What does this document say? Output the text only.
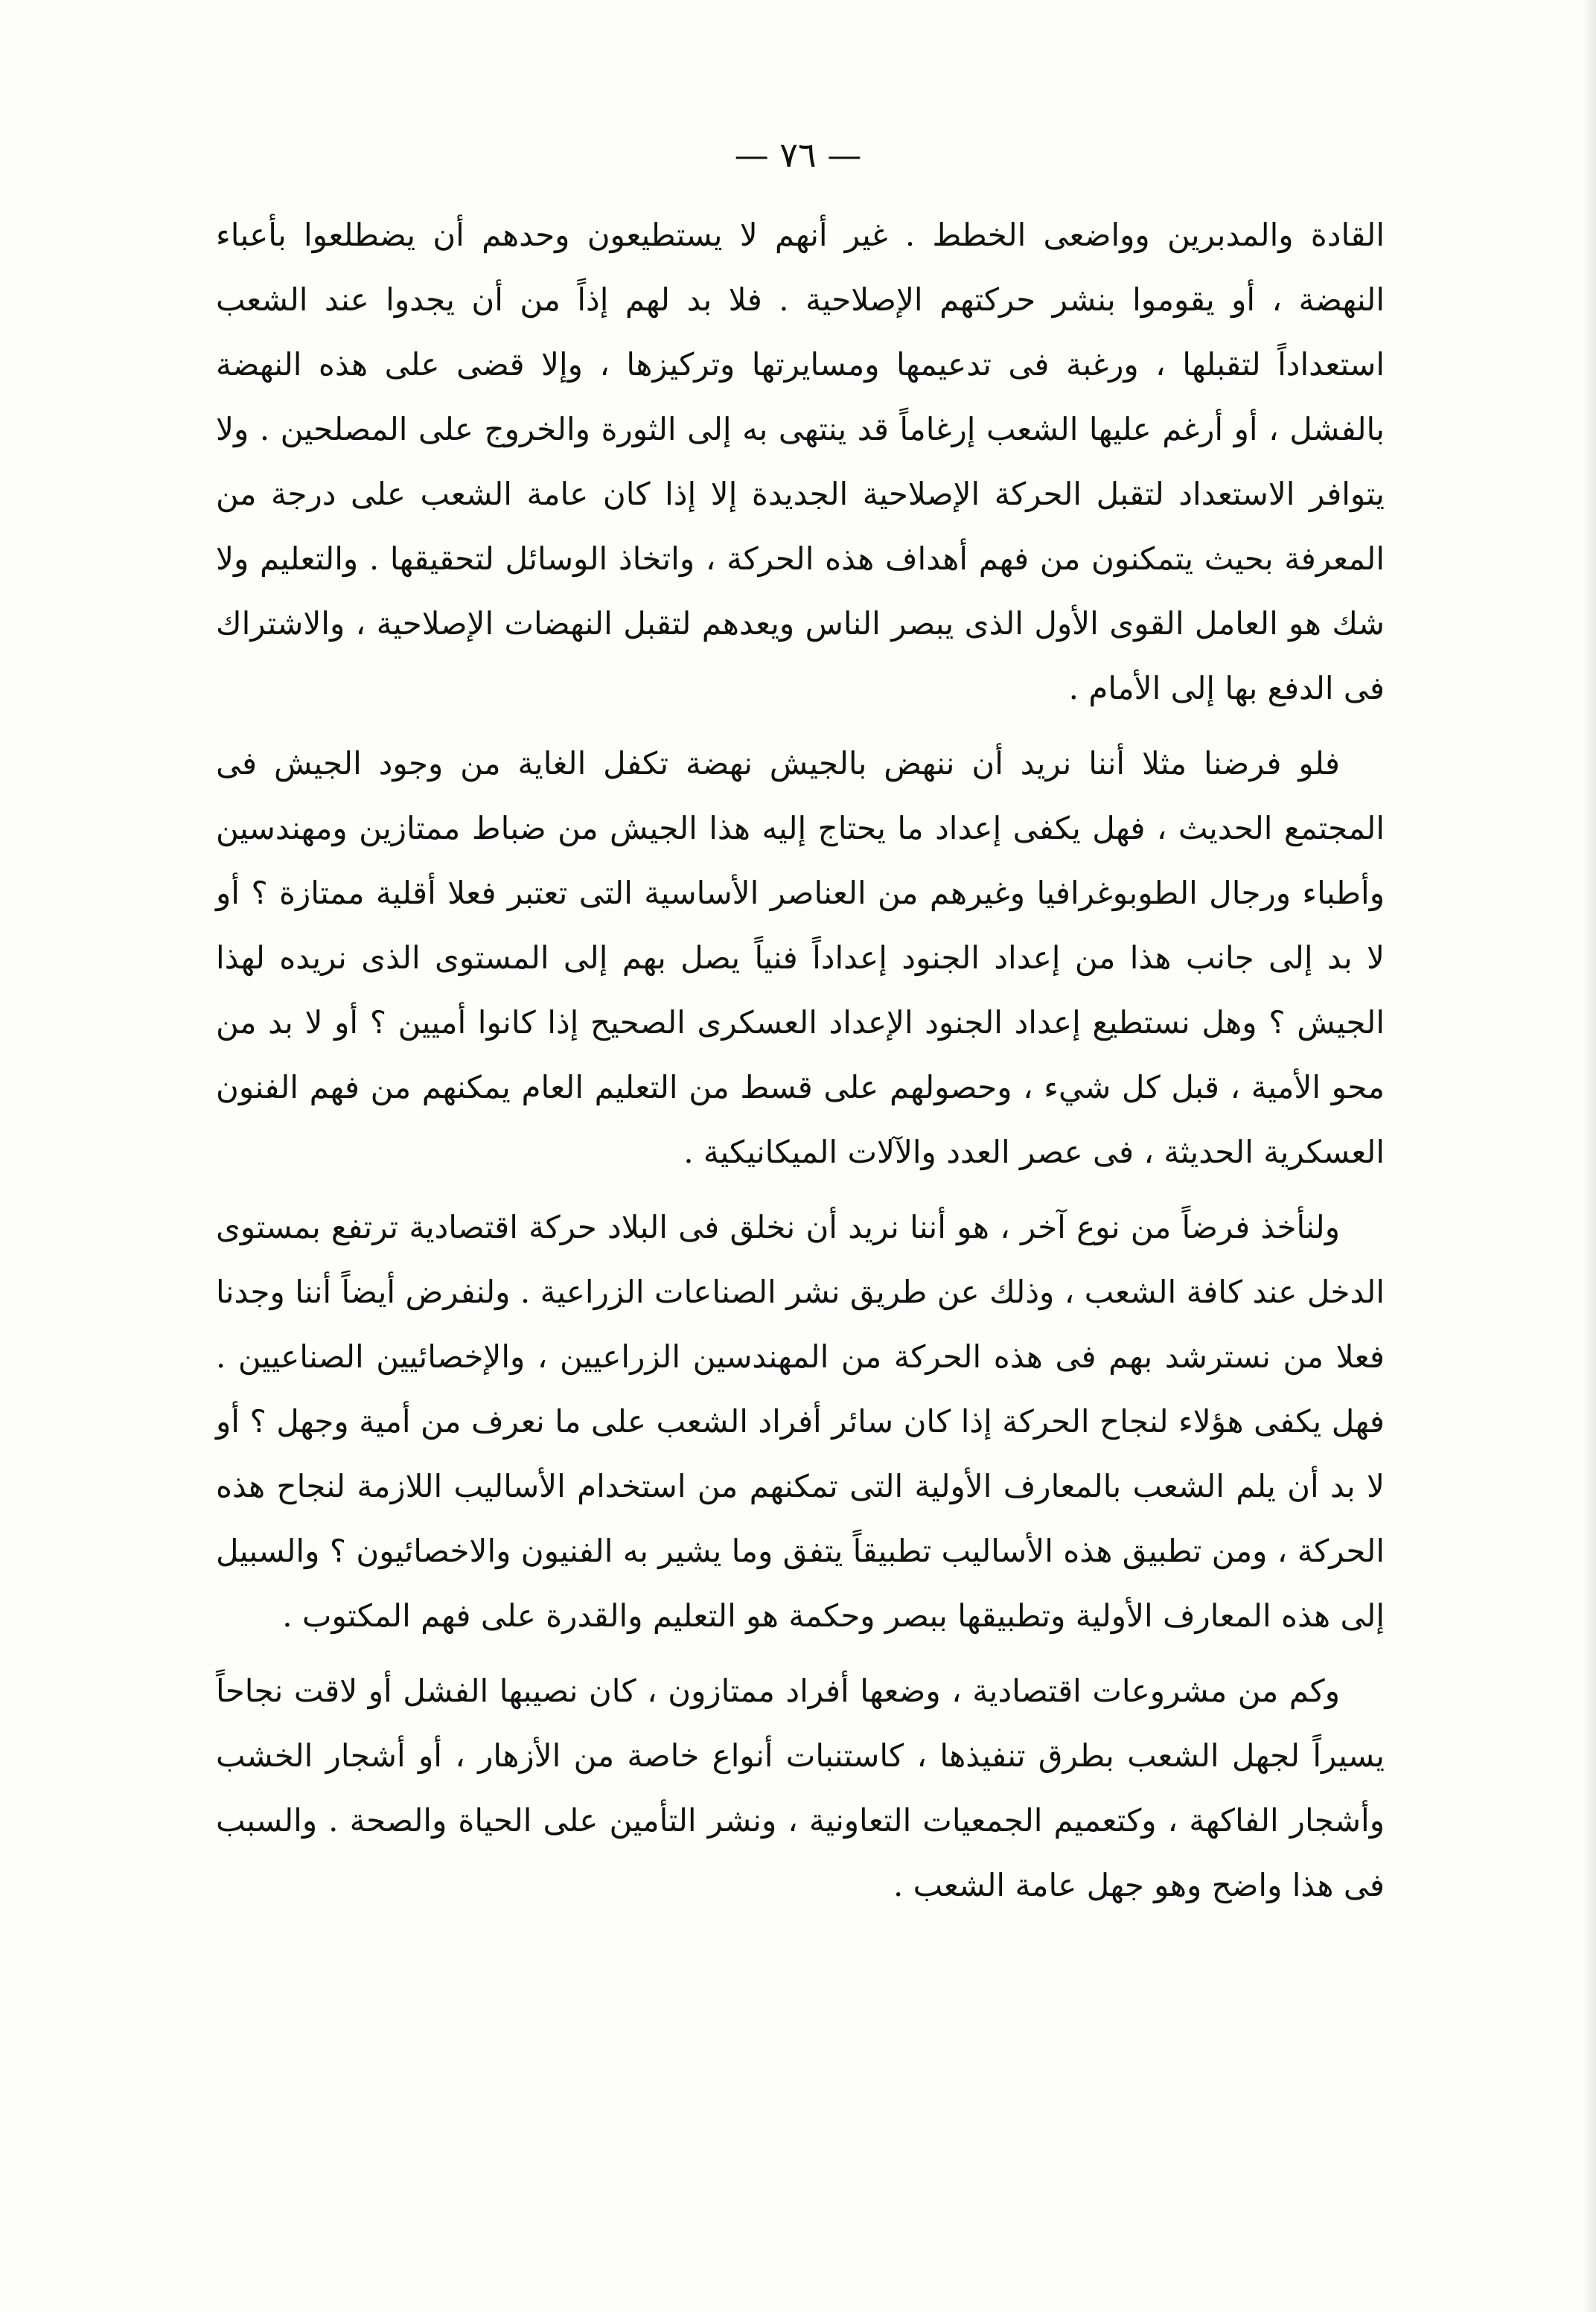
— ٧٦ —

القادة والمدبرين وواضعى الخطط . غير أنهم لا يستطيعون وحدهم أن يضطلعوا بأعباء النهضة ، أو يقوموا بنشر حركتهم الإصلاحية . فلا بد لهم إذاً من أن يجدوا عند الشعب استعداداً لتقبلها ، ورغبة فى تدعيمها ومسايرتها وتركيزها ، وإلا قضى على هذه النهضة بالفشل ، أو أرغم عليها الشعب إرغاماً قد ينتهى به إلى الثورة والخروج على المصلحين . ولا يتوافر الاستعداد لتقبل الحركة الإصلاحية الجديدة إلا إذا كان عامة الشعب على درجة من المعرفة بحيث يتمكنون من فهم أهداف هذه الحركة ، واتخاذ الوسائل لتحقيقها . والتعليم ولا شك هو العامل القوى الأول الذى يبصر الناس ويعدهم لتقبل النهضات الإصلاحية ، والاشتراك فى الدفع بها إلى الأمام .

فلو فرضنا مثلا أننا نريد أن ننهض بالجيش نهضة تكفل الغاية من وجود الجيش فى المجتمع الحديث ، فهل يكفى إعداد ما يحتاج إليه هذا الجيش من ضباط ممتازين ومهندسين وأطباء ورجال الطوبوغرافيا وغيرهم من العناصر الأساسية التى تعتبر فعلا أقلية ممتازة ؟ أو لا بد إلى جانب هذا من إعداد الجنود إعداداً فنياً يصل بهم إلى المستوى الذى نريده لهذا الجيش ؟ وهل نستطيع إعداد الجنود الإعداد العسكرى الصحيح إذا كانوا أميين ؟ أو لا بد من محو الأمية ، قبل كل شيء ، وحصولهم على قسط من التعليم العام يمكنهم من فهم الفنون العسكرية الحديثة ، فى عصر العدد والآلات الميكانيكية .

ولنأخذ فرضاً من نوع آخر ، هو أننا نريد أن نخلق فى البلاد حركة اقتصادية ترتفع بمستوى الدخل عند كافة الشعب ، وذلك عن طريق نشر الصناعات الزراعية . ولنفرض أيضاً أننا وجدنا فعلا من نسترشد بهم فى هذه الحركة من المهندسين الزراعيين ، والإخصائيين الصناعيين . فهل يكفى هؤلاء لنجاح الحركة إذا كان سائر أفراد الشعب على ما نعرف من أمية وجهل ؟ أو لا بد أن يلم الشعب بالمعارف الأولية التى تمكنهم من استخدام الأساليب اللازمة لنجاح هذه الحركة ، ومن تطبيق هذه الأساليب تطبيقاً يتفق وما يشير به الفنيون والاخصائيون ؟ والسبيل إلى هذه المعارف الأولية وتطبيقها ببصر وحكمة هو التعليم والقدرة على فهم المكتوب .

وكم من مشروعات اقتصادية ، وضعها أفراد ممتازون ، كان نصيبها الفشل أو لاقت نجاحاً يسيراً لجهل الشعب بطرق تنفيذها ، كاستنبات أنواع خاصة من الأزهار ، أو أشجار الخشب وأشجار الفاكهة ، وكتعميم الجمعيات التعاونية ، ونشر التأمين على الحياة والصحة . والسبب فى هذا واضح وهو جهل عامة الشعب .
